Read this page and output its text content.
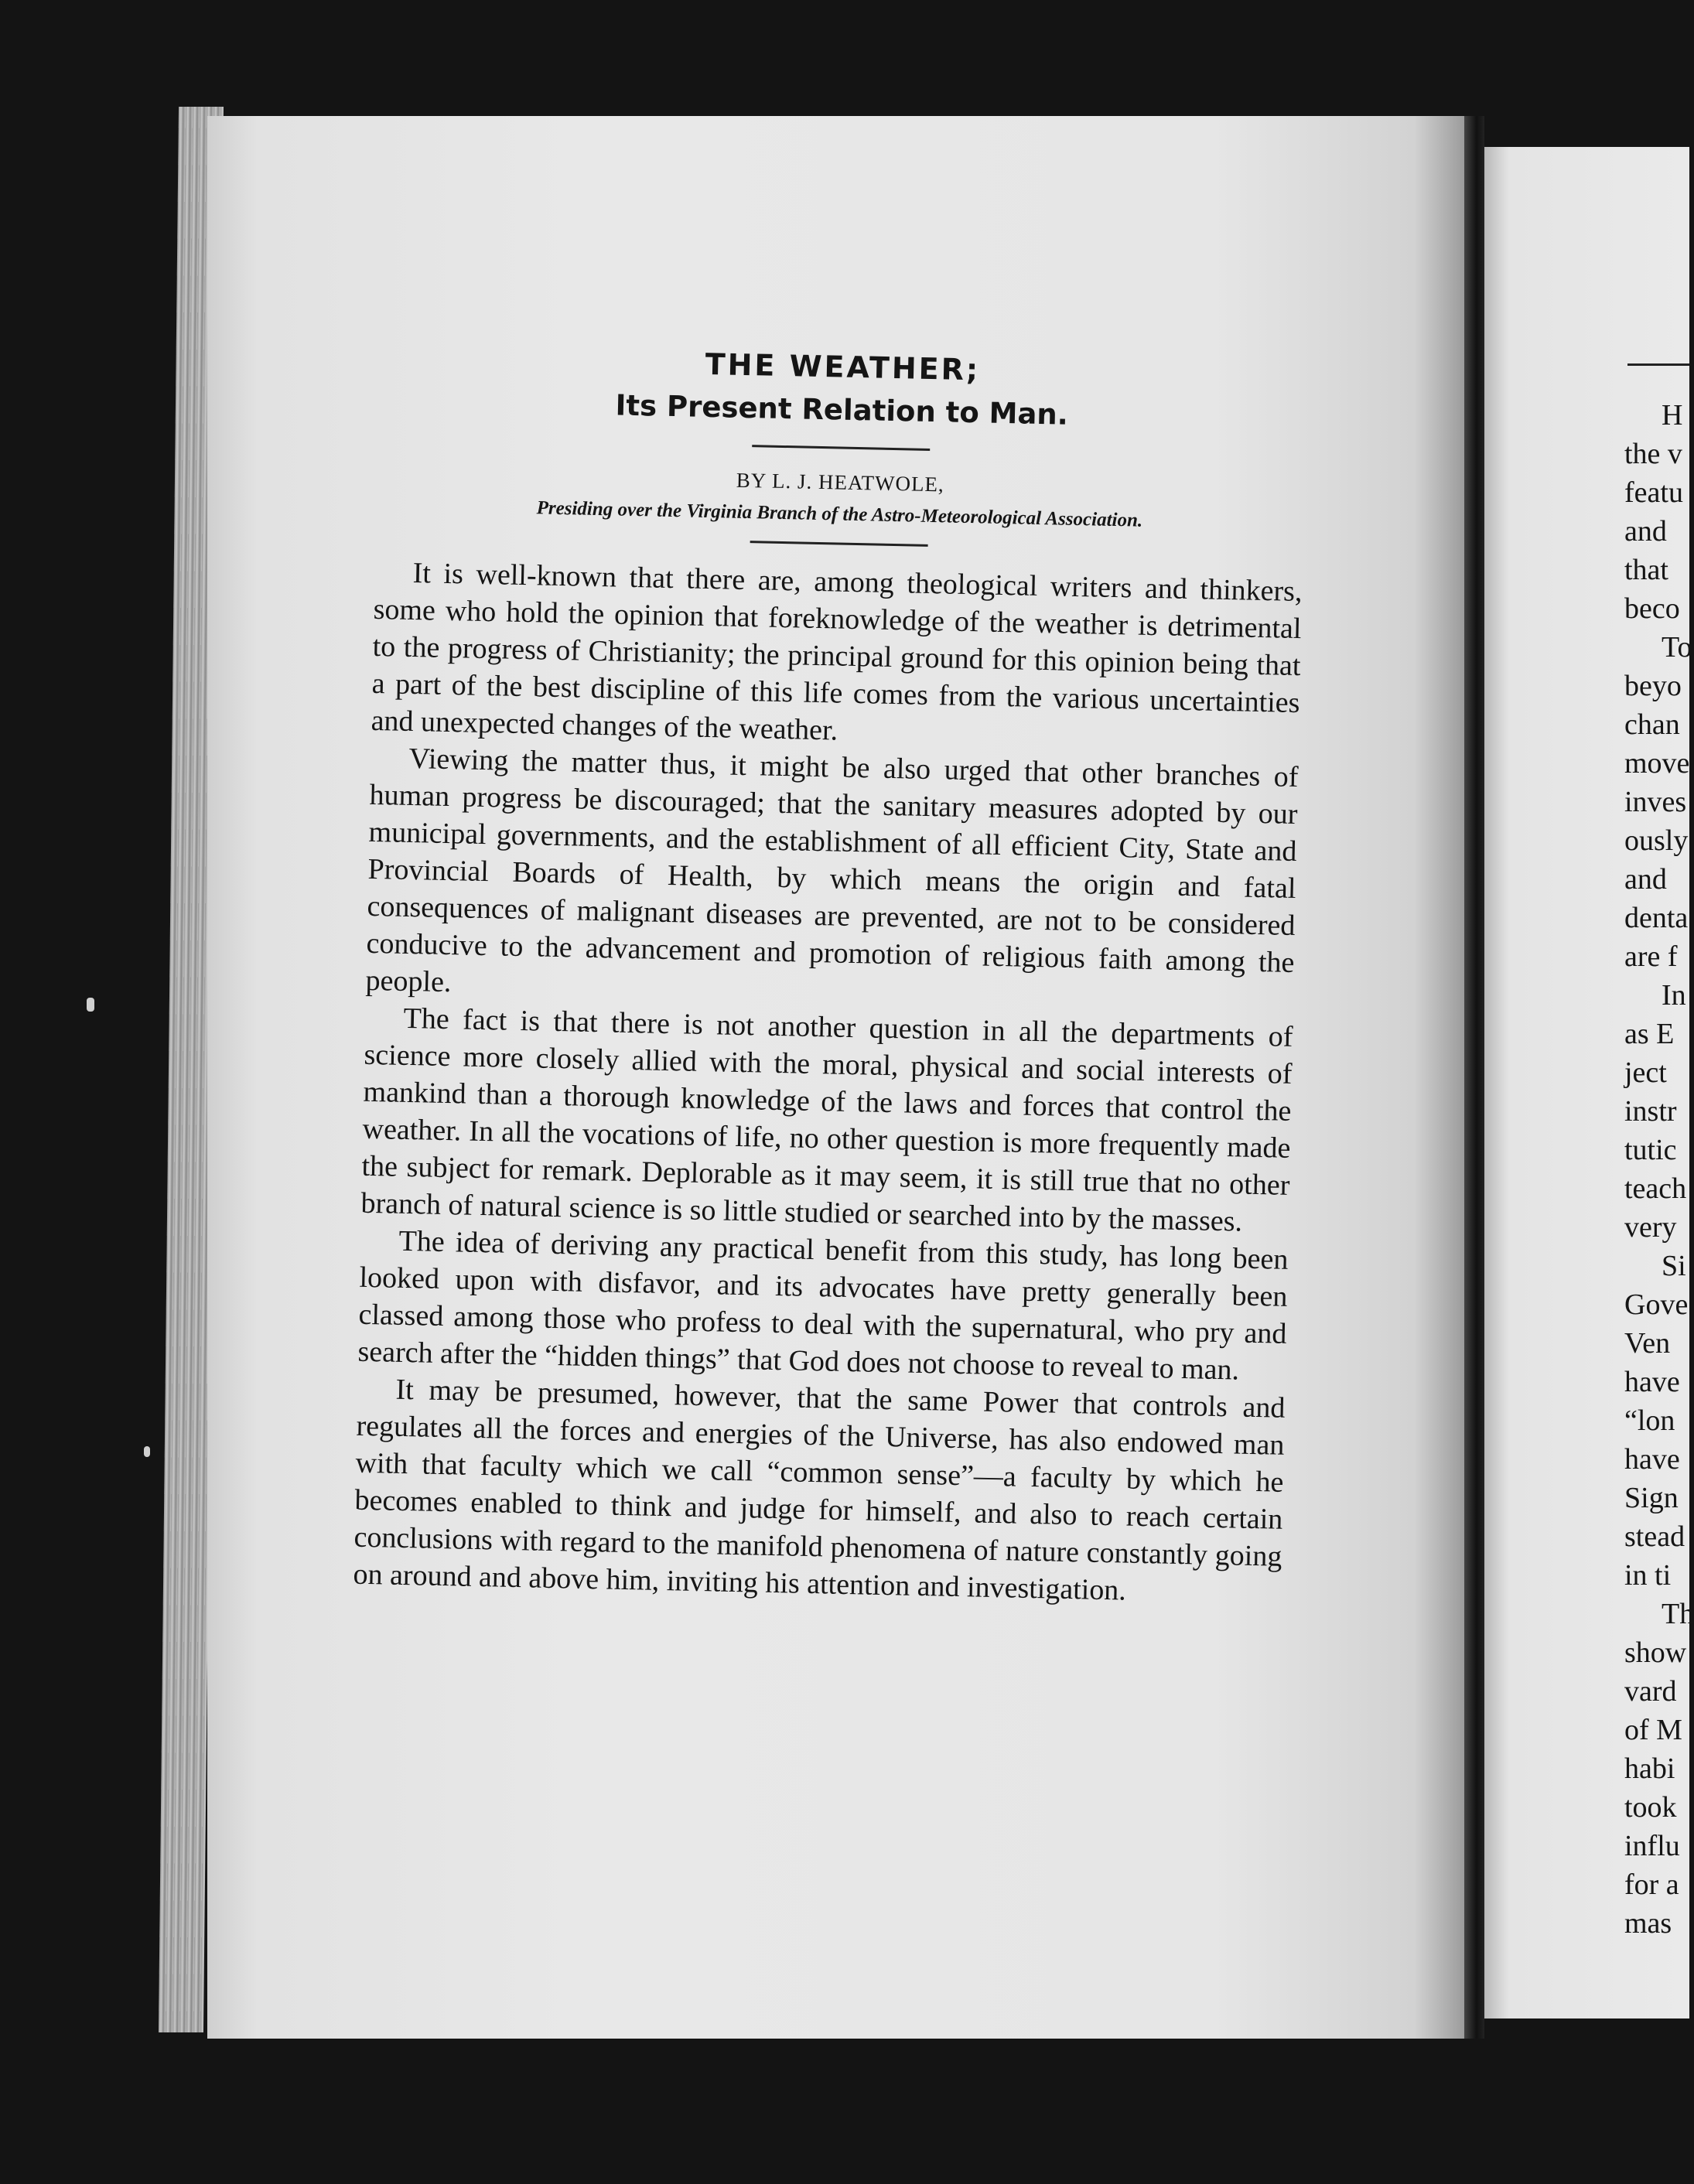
THE WEATHER;
Its Present Relation to Man.

BY L. J. HEATWOLE,

Presiding over the Virginia Branch of the Astro-Meteorological Association.

It is well-known that there are, among theological writers and thinkers, some who hold the opinion that foreknowledge of the weather is detrimental to the progress of Christianity; the principal ground for this opinion being that a part of the best discipline of this life comes from the various uncertainties and unexpected changes of the weather.

Viewing the matter thus, it might be also urged that other branches of human progress be discouraged; that the sanitary measures adopted by our municipal governments, and the establishment of all efficient City, State and Provincial Boards of Health, by which means the origin and fatal consequences of malignant diseases are prevented, are not to be considered conducive to the advancement and promotion of religious faith among the people.

The fact is that there is not another question in all the departments of science more closely allied with the moral, physical and social interests of mankind than a thorough knowledge of the laws and forces that control the weather. In all the vocations of life, no other question is more frequently made the subject for remark. Deplorable as it may seem, it is still true that no other branch of natural science is so little studied or searched into by the masses.

The idea of deriving any practical benefit from this study, has long been looked upon with disfavor, and its advocates have pretty generally been classed among those who profess to deal with the supernatural, who pry and search after the “hidden things” that God does not choose to reveal to man.

It may be presumed, however, that the same Power that controls and regulates all the forces and energies of the Universe, has also endowed man with that faculty which we call “common sense”—a faculty by which he becomes enabled to think and judge for himself, and also to reach certain conclusions with regard to the manifold phenomena of nature constantly going on around and above him, inviting his attention and investigation.

H
the v
featu
and
that
beco
To
beyo
chan
move
inves
ously
and
denta
are f
In
as E
ject
instr
tutic
teach
very
Si
Gove
Ven
have
“lon
have
Sign
stead
in ti
Th
show
vard
of M
habi
took
influ
for a
mas
